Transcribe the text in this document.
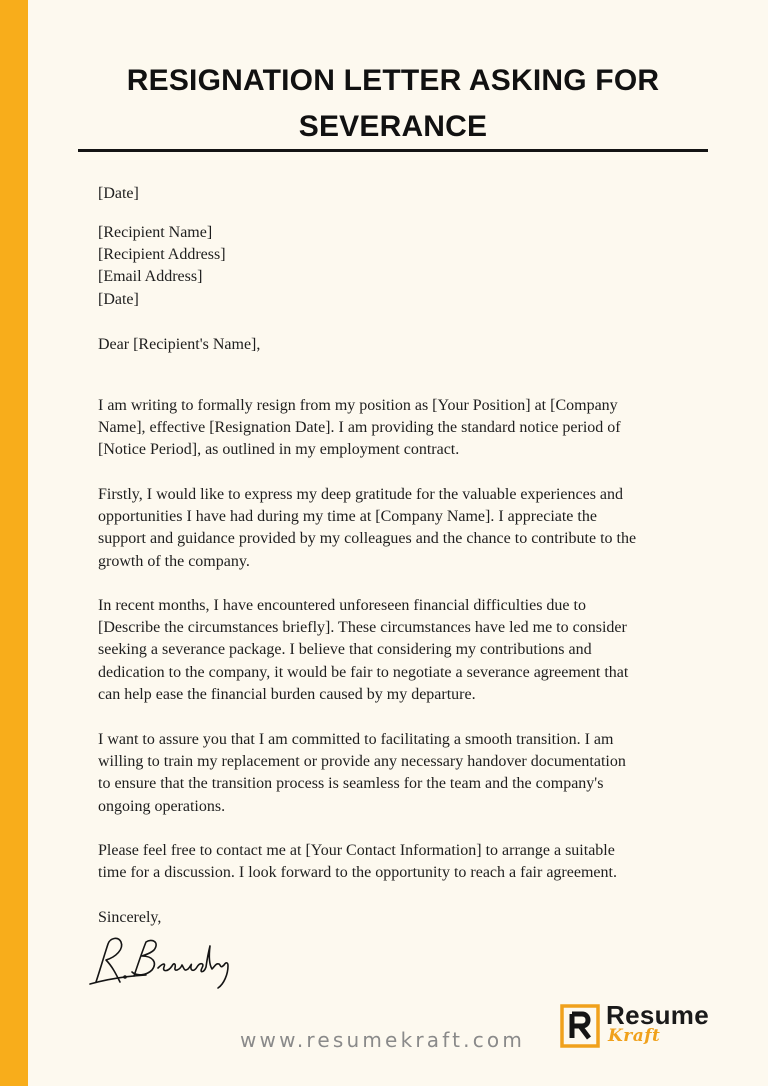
RESIGNATION LETTER ASKING FOR
SEVERANCE
[Date]
[Recipient Name]
[Recipient Address]
[Email Address]
[Date]
Dear [Recipient's Name],
I am writing to formally resign from my position as [Your Position] at [Company
Name], effective [Resignation Date]. I am providing the standard notice period of
[Notice Period], as outlined in my employment contract.
Firstly, I would like to express my deep gratitude for the valuable experiences and
opportunities I have had during my time at [Company Name]. I appreciate the
support and guidance provided by my colleagues and the chance to contribute to the
growth of the company.
In recent months, I have encountered unforeseen financial difficulties due to
[Describe the circumstances briefly]. These circumstances have led me to consider
seeking a severance package. I believe that considering my contributions and
dedication to the company, it would be fair to negotiate a severance agreement that
can help ease the financial burden caused by my departure.
I want to assure you that I am committed to facilitating a smooth transition. I am
willing to train my replacement or provide any necessary handover documentation
to ensure that the transition process is seamless for the team and the company's
ongoing operations.
Please feel free to contact me at [Your Contact Information] to arrange a suitable
time for a discussion. I look forward to the opportunity to reach a fair agreement.
Sincerely,
www.resumekraft.com
Resume
Kraft
